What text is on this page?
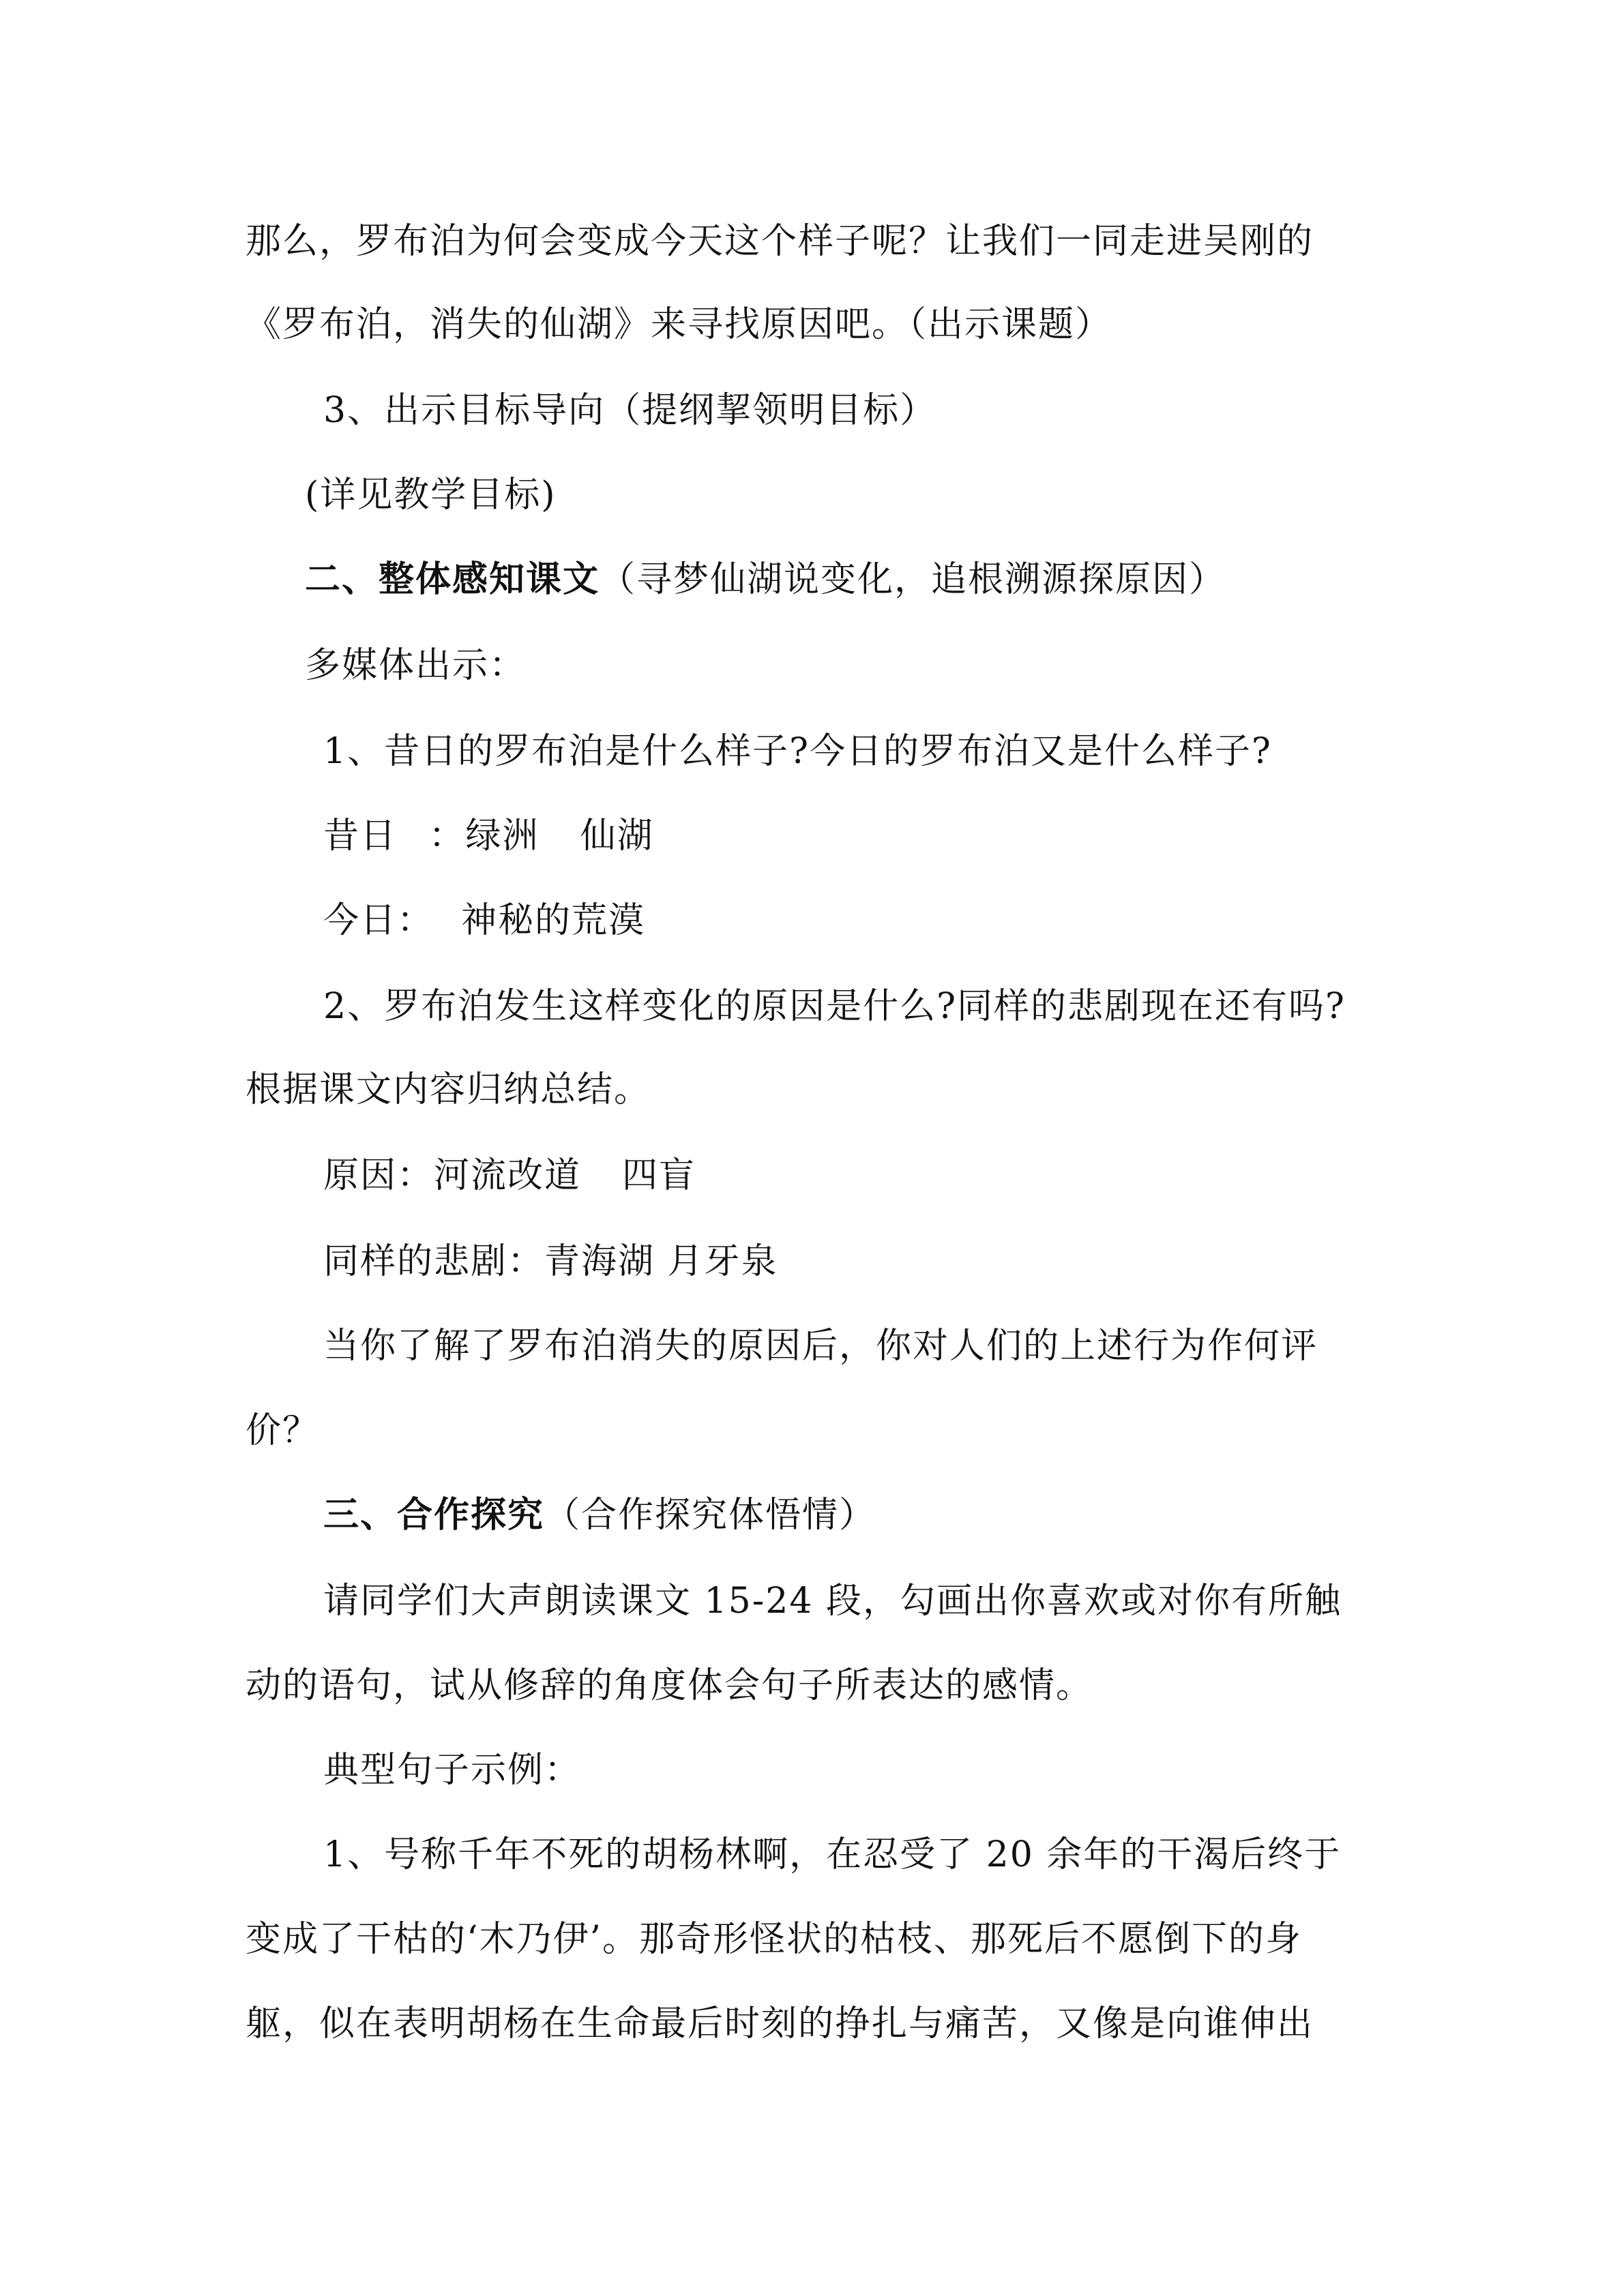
那么，罗布泊为何会变成今天这个样子呢？让我们一同走进吴刚的
《罗布泊，消失的仙湖》来寻找原因吧。（出示课题）
3、出示目标导向（提纲挈领明目标）
(详见教学目标)
二、整体感知课文（寻梦仙湖说变化，追根溯源探原因）
多媒体出示：
1、昔日的罗布泊是什么样子?今日的罗布泊又是什么样子?
昔日 ：绿洲 仙湖
今日： 神秘的荒漠
2、罗布泊发生这样变化的原因是什么?同样的悲剧现在还有吗?
根据课文内容归纳总结。
原因：河流改道 四盲
同样的悲剧：青海湖 月牙泉
当你了解了罗布泊消失的原因后，你对人们的上述行为作何评
价？
三、合作探究（合作探究体悟情）
请同学们大声朗读课文 15-24 段，勾画出你喜欢或对你有所触
动的语句，试从修辞的角度体会句子所表达的感情。
典型句子示例：
1、号称千年不死的胡杨林啊，在忍受了 20 余年的干渴后终于
变成了干枯的‘木乃伊’。那奇形怪状的枯枝、那死后不愿倒下的身
躯，似在表明胡杨在生命最后时刻的挣扎与痛苦，又像是向谁伸出
